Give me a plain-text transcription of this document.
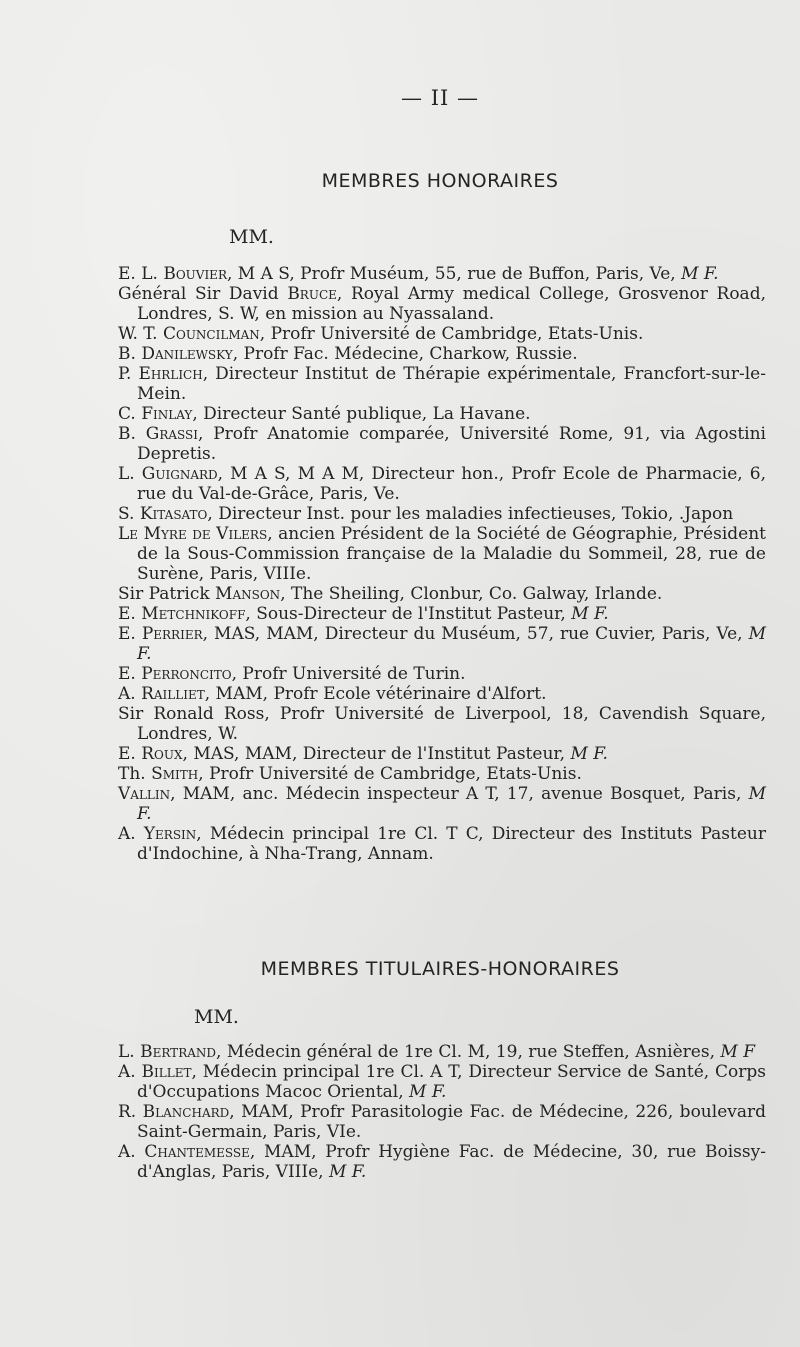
— II —
MEMBRES HONORAIRES
MM.
E. L. Bouvier, M A S, Profr Muséum, 55, rue de Buffon, Paris, Ve, M F.
Général Sir David Bruce, Royal Army medical College, Grosvenor Road, Londres, S. W, en mission au Nyassaland.
W. T. Councilman, Profr Université de Cambridge, Etats-Unis.
B. Danilewsky, Profr Fac. Médecine, Charkow, Russie.
P. Ehrlich, Directeur Institut de Thérapie expérimentale, Francfort-sur-le-Mein.
C. Finlay, Directeur Santé publique, La Havane.
B. Grassi, Profr Anatomie comparée, Université Rome, 91, via Agostini Depretis.
L. Guignard, M A S, M A M, Directeur hon., Profr Ecole de Pharmacie, 6, rue du Val-de-Grâce, Paris, Ve.
S. Kitasato, Directeur Inst. pour les maladies infectieuses, Tokio, .Japon
Le Myre de Vilers, ancien Président de la Société de Géographie, Président de la Sous-Commission française de la Maladie du Sommeil, 28, rue de Surène, Paris, VIIIe.
Sir Patrick Manson, The Sheiling, Clonbur, Co. Galway, Irlande.
E. Metchnikoff, Sous-Directeur de l'Institut Pasteur, M F.
E. Perrier, MAS, MAM, Directeur du Muséum, 57, rue Cuvier, Paris, Ve, M F.
E. Perroncito, Profr Université de Turin.
A. Railliet, MAM, Profr Ecole vétérinaire d'Alfort.
Sir Ronald Ross, Profr Université de Liverpool, 18, Cavendish Square, Londres, W.
E. Roux, MAS, MAM, Directeur de l'Institut Pasteur, M F.
Th. Smith, Profr Université de Cambridge, Etats-Unis.
Vallin, MAM, anc. Médecin inspecteur A T, 17, avenue Bosquet, Paris, M F.
A. Yersin, Médecin principal 1re Cl. T C, Directeur des Instituts Pasteur d'Indochine, à Nha-Trang, Annam.
MEMBRES TITULAIRES-HONORAIRES
MM.
L. Bertrand, Médecin général de 1re Cl. M, 19, rue Steffen, Asnières, M F
A. Billet, Médecin principal 1re Cl. A T, Directeur Service de Santé, Corps d'Occupations Macoc Oriental, M F.
R. Blanchard, MAM, Profr Parasitologie Fac. de Médecine, 226, boulevard Saint-Germain, Paris, VIe.
A. Chantemesse, MAM, Profr Hygiène Fac. de Médecine, 30, rue Boissy-d'Anglas, Paris, VIIIe, M F.
